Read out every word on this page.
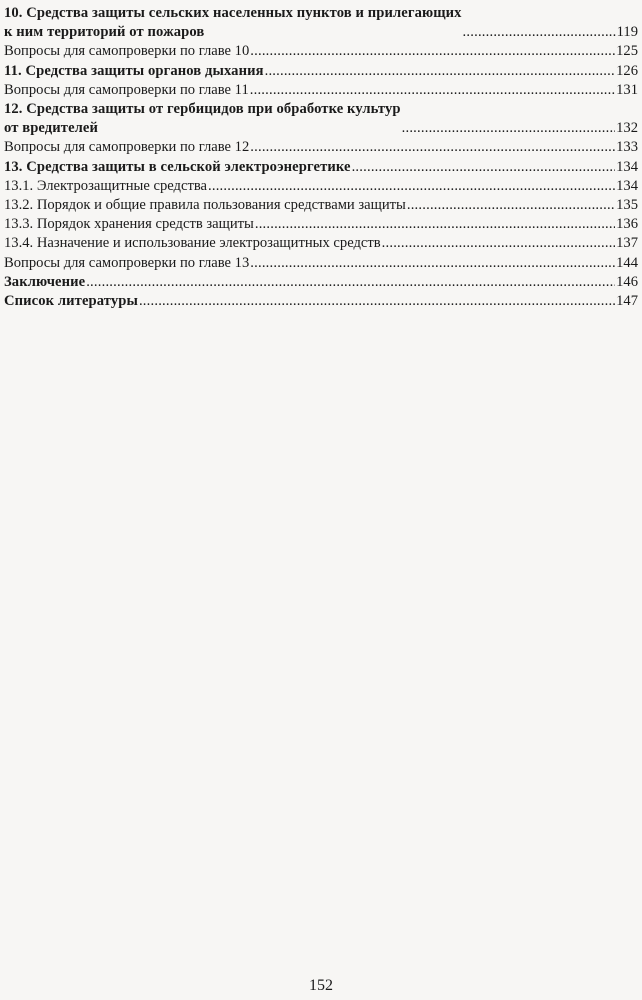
10. Средства защиты сельских населенных пунктов и прилегающих
к ним территорий от пожаров .....	119
Вопросы для самопроверки по главе 10 .....	125
11. Средства защиты органов дыхания .....	126
Вопросы для самопроверки по главе 11 .....	131
12. Средства защиты от гербицидов при обработке культур
от вредителей .....	132
Вопросы для самопроверки по главе 12 .....	133
13. Средства защиты в сельской электроэнергетике .....	134
13.1. Электрозащитные средства .....	134
13.2. Порядок и общие правила пользования средствами защиты .....	135
13.3. Порядок хранения средств защиты .....	136
13.4. Назначение и использование электрозащитных средств .....	137
Вопросы для самопроверки по главе 13 .....	144
Заключение .....	146
Список литературы .....	147
152
